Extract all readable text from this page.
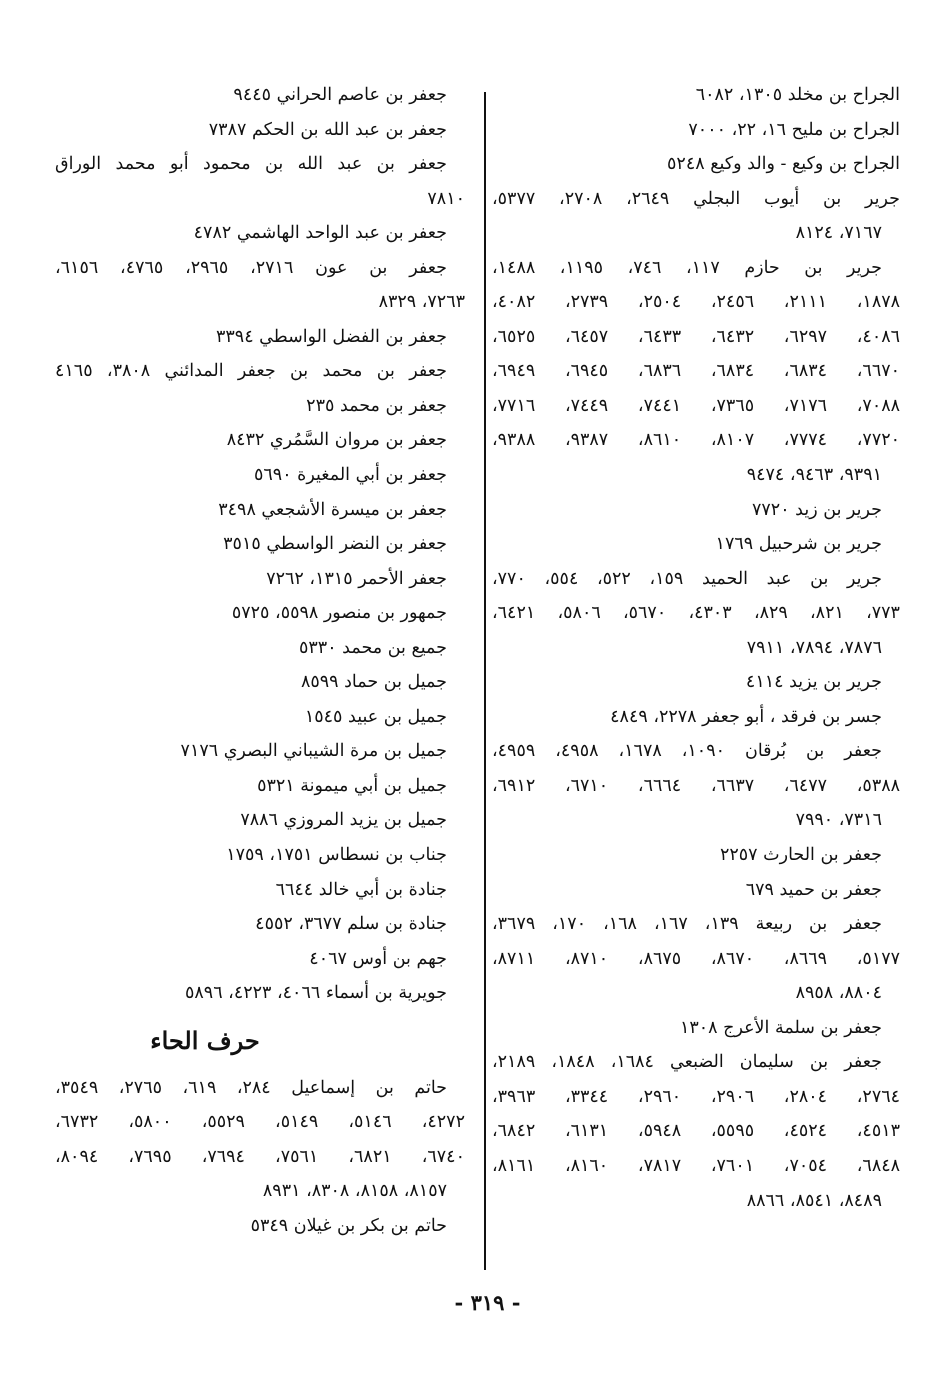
الجراح بن مخلد ١٣٠٥، ٦٠٨٢
الجراح بن مليح ١٦، ٢٢، ٧٠٠٠
الجراح بن وكيع - والد وكيع ٥٢٤٨
جرير بن أيوب البجلي ٢٦٤٩، ٢٧٠٨، ٥٣٧٧،
٧١٦٧، ٨١٢٤
جرير بن حازم ١١٧، ٧٤٦، ١١٩٥، ١٤٨٨،
١٨٧٨، ٢١١١، ٢٤٥٦، ٢٥٠٤، ٢٧٣٩، ٤٠٨٢،
٤٠٨٦، ٦٢٩٧، ٦٤٣٢، ٦٤٣٣، ٦٤٥٧، ٦٥٢٥،
٦٦٧٠، ٦٨٣٤، ٦٨٣٤، ٦٨٣٦، ٦٩٤٥، ٦٩٤٩،
٧٠٨٨، ٧١٧٦، ٧٣٦٥، ٧٤٤١، ٧٤٤٩، ٧٧١٦،
٧٧٢٠، ٧٧٧٤، ٨١٠٧، ٨٦١٠، ٩٣٨٧، ٩٣٨٨،
٩٣٩١، ٩٤٦٣، ٩٤٧٤
جرير بن زيد ٧٧٢٠
جرير بن شرحبيل ١٧٦٩
جرير بن عبد الحميد ١٥٩، ٥٢٢، ٥٥٤، ٧٧٠،
٧٧٣، ٨٢١، ٨٢٩، ٤٣٠٣، ٥٦٧٠، ٥٨٠٦، ٦٤٢١،
٧٨٧٦، ٧٨٩٤، ٧٩١١
جرير بن يزيد ٤١١٤
جسر بن فرقد ، أبو جعفر ٢٢٧٨، ٤٨٤٩
جعفر بن بُرقان ١٠٩٠، ١٦٧٨، ٤٩٥٨، ٤٩٥٩،
٥٣٨٨، ٦٤٧٧، ٦٦٣٧، ٦٦٦٤، ٦٧١٠، ٦٩١٢،
٧٣١٦، ٧٩٩٠
جعفر بن الحارث ٢٢٥٧
جعفر بن حميد ٦٧٩
جعفر بن ربيعة ١٣٩، ١٦٧، ١٦٨، ١٧٠، ٣٦٧٩،
٥١٧٧، ٨٦٦٩، ٨٦٧٠، ٨٦٧٥، ٨٧١٠، ٨٧١١،
٨٨٠٤، ٨٩٥٨
جعفر بن سلمة الأعرج ١٣٠٨
جعفر بن سليمان الضبعي ١٦٨٤، ١٨٤٨، ٢١٨٩،
٢٧٦٤، ٢٨٠٤، ٢٩٠٦، ٢٩٦٠، ٣٣٤٤، ٣٩٦٣،
٤٥١٣، ٤٥٢٤، ٥٥٩٥، ٥٩٤٨، ٦١٣١، ٦٨٤٢،
٦٨٤٨، ٧٠٥٤، ٧٦٠١، ٧٨١٧، ٨١٦٠، ٨١٦١،
٨٤٨٩، ٨٥٤١، ٨٨٦٦
جعفر بن عاصم الحراني ٩٤٤٥
جعفر بن عبد الله بن الحكم ٧٣٨٧
جعفر بن عبد الله بن محمود أبو محمد الوراق
٧٨١٠
جعفر بن عبد الواحد الهاشمي ٤٧٨٢
جعفر بن عون ٢٧١٦، ٢٩٦٥، ٤٧٦٥، ٦١٥٦،
٧٢٦٣، ٨٣٢٩
جعفر بن الفضل الواسطي ٣٣٩٤
جعفر بن محمد بن جعفر المدائني ٣٨٠٨، ٤١٦٥
جعفر بن محمد ٢٣٥
جعفر بن مروان السَّمُري ٨٤٣٢
جعفر بن أبي المغيرة ٥٦٩٠
جعفر بن ميسرة الأشجعي ٣٤٩٨
جعفر بن النضر الواسطي ٣٥١٥
جعفر الأحمر ١٣١٥، ٧٢٦٢
جمهور بن منصور ٥٥٩٨، ٥٧٢٥
جميع بن محمد ٥٣٣٠
جميل بن حماد ٨٥٩٩
جميل بن عبيد ١٥٤٥
جميل بن مرة الشيباني البصري ٧١٧٦
جميل بن أبي ميمونة ٥٣٢١
جميل بن يزيد المروزي ٧٨٨٦
جناب بن نسطاس ١٧٥١، ١٧٥٩
جنادة بن أبي خالد ٦٦٤٤
جنادة بن سلم ٣٦٧٧، ٤٥٥٢
جهم بن أوس ٤٠٦٧
جويرية بن أسماء ٤٠٦٦، ٤٢٢٣، ٥٨٩٦
حرف الحاء
حاتم بن إسماعيل ٢٨٤، ٦١٩، ٢٧٦٥، ٣٥٤٩،
٤٢٧٢، ٥١٤٦، ٥١٤٩، ٥٥٢٩، ٥٨٠٠، ٦٧٣٢،
٦٧٤٠، ٦٨٢١، ٧٥٦١، ٧٦٩٤، ٧٦٩٥، ٨٠٩٤،
٨١٥٧، ٨١٥٨، ٨٣٠٨، ٨٩٣١
حاتم بن بكر بن غيلان ٥٣٤٩
- ٣١٩ -
